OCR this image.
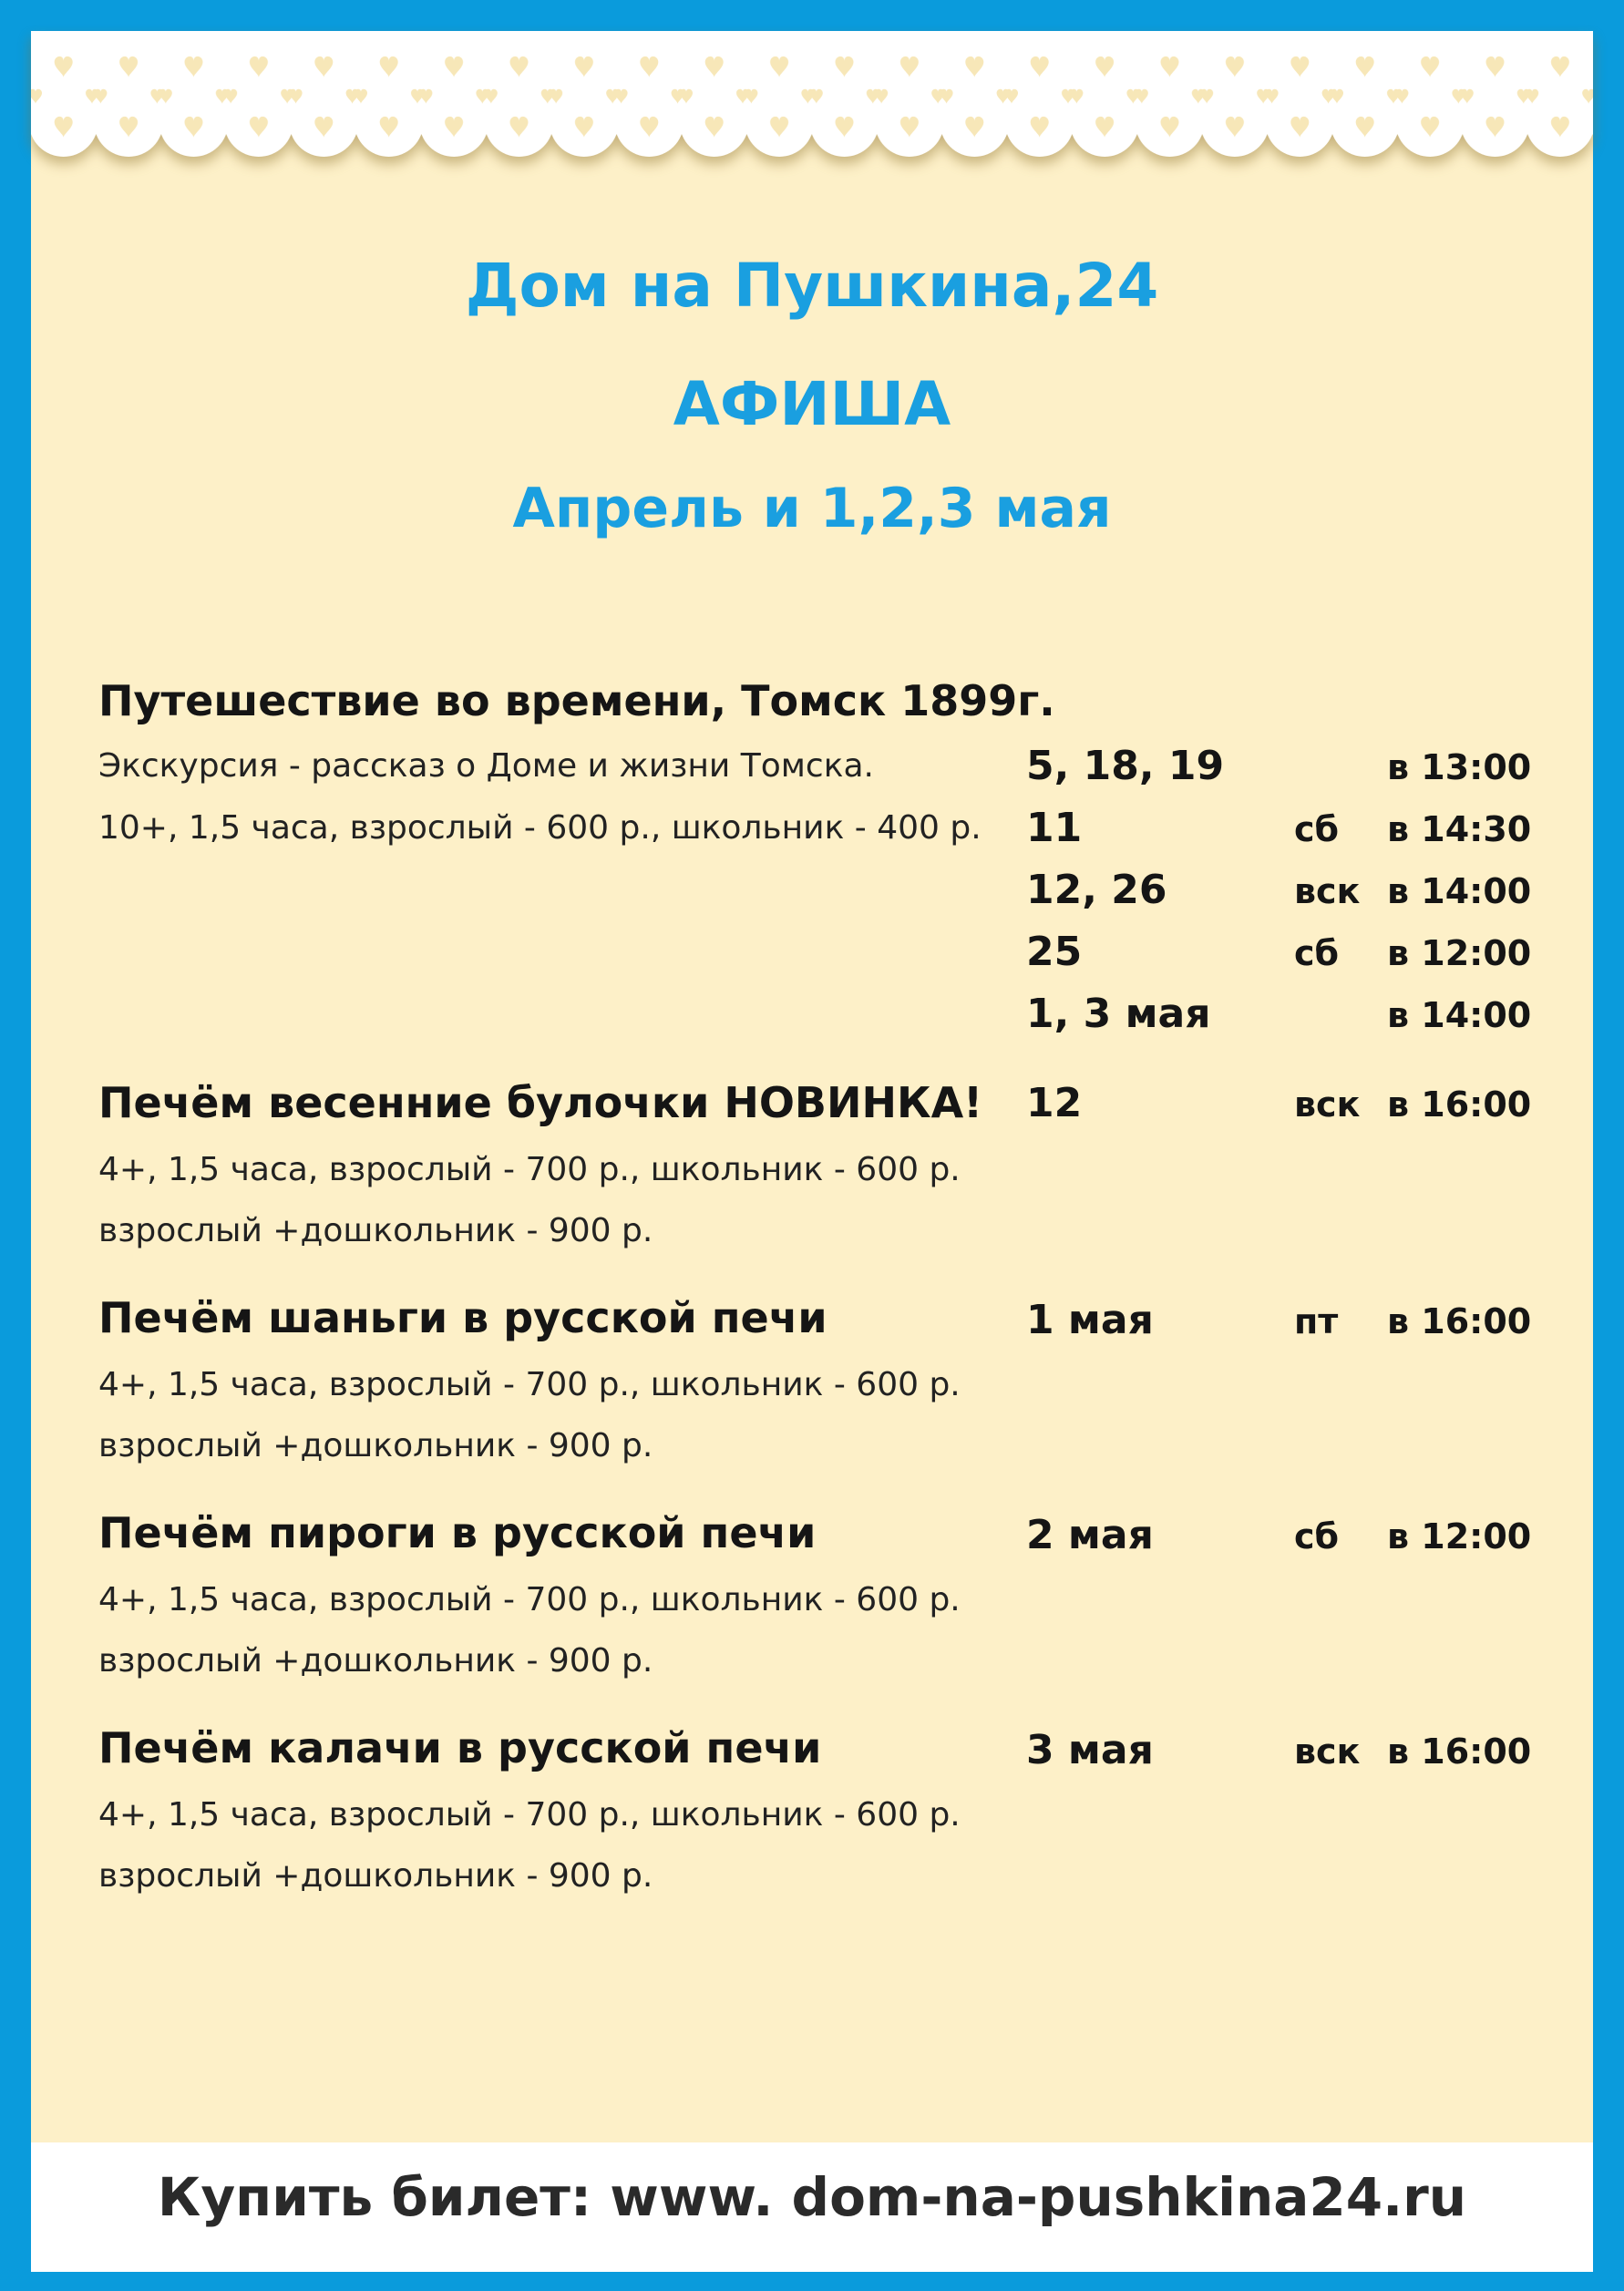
Дом на Пушкина,24
АФИША
Апрель и 1,2,3 мая

Путешествие во времени, Томск 1899г.

Экскурсия - рассказ о Доме и жизни Томска.

10+, 1,5 часа, взрослый - 600 р., школьник - 400 р.

5, 18, 19	в 13:00
11	сб в 14:30
12, 26	вск в 14:00
25	сб в 12:00
1, 3 мая	в 14:00

Печём весенние булочки НОВИНКА!

4+, 1,5 часа, взрослый - 700 р., школьник - 600 р.

взрослый +дошкольник - 900 р.

12	вск в 16:00

Печём шаньги в русской печи

4+, 1,5 часа, взрослый - 700 р., школьник - 600 р.

взрослый +дошкольник - 900 р.

1 мая	пт в 16:00

Печём пироги в русской печи

4+, 1,5 часа, взрослый - 700 р., школьник - 600 р.

взрослый +дошкольник - 900 р.

2 мая	сб в 12:00

Печём калачи в русской печи

4+, 1,5 часа, взрослый - 700 р., школьник - 600 р.

взрослый +дошкольник - 900 р.

3 мая	вск в 16:00
Купить билет: www. dom-na-pushkina24.ru
